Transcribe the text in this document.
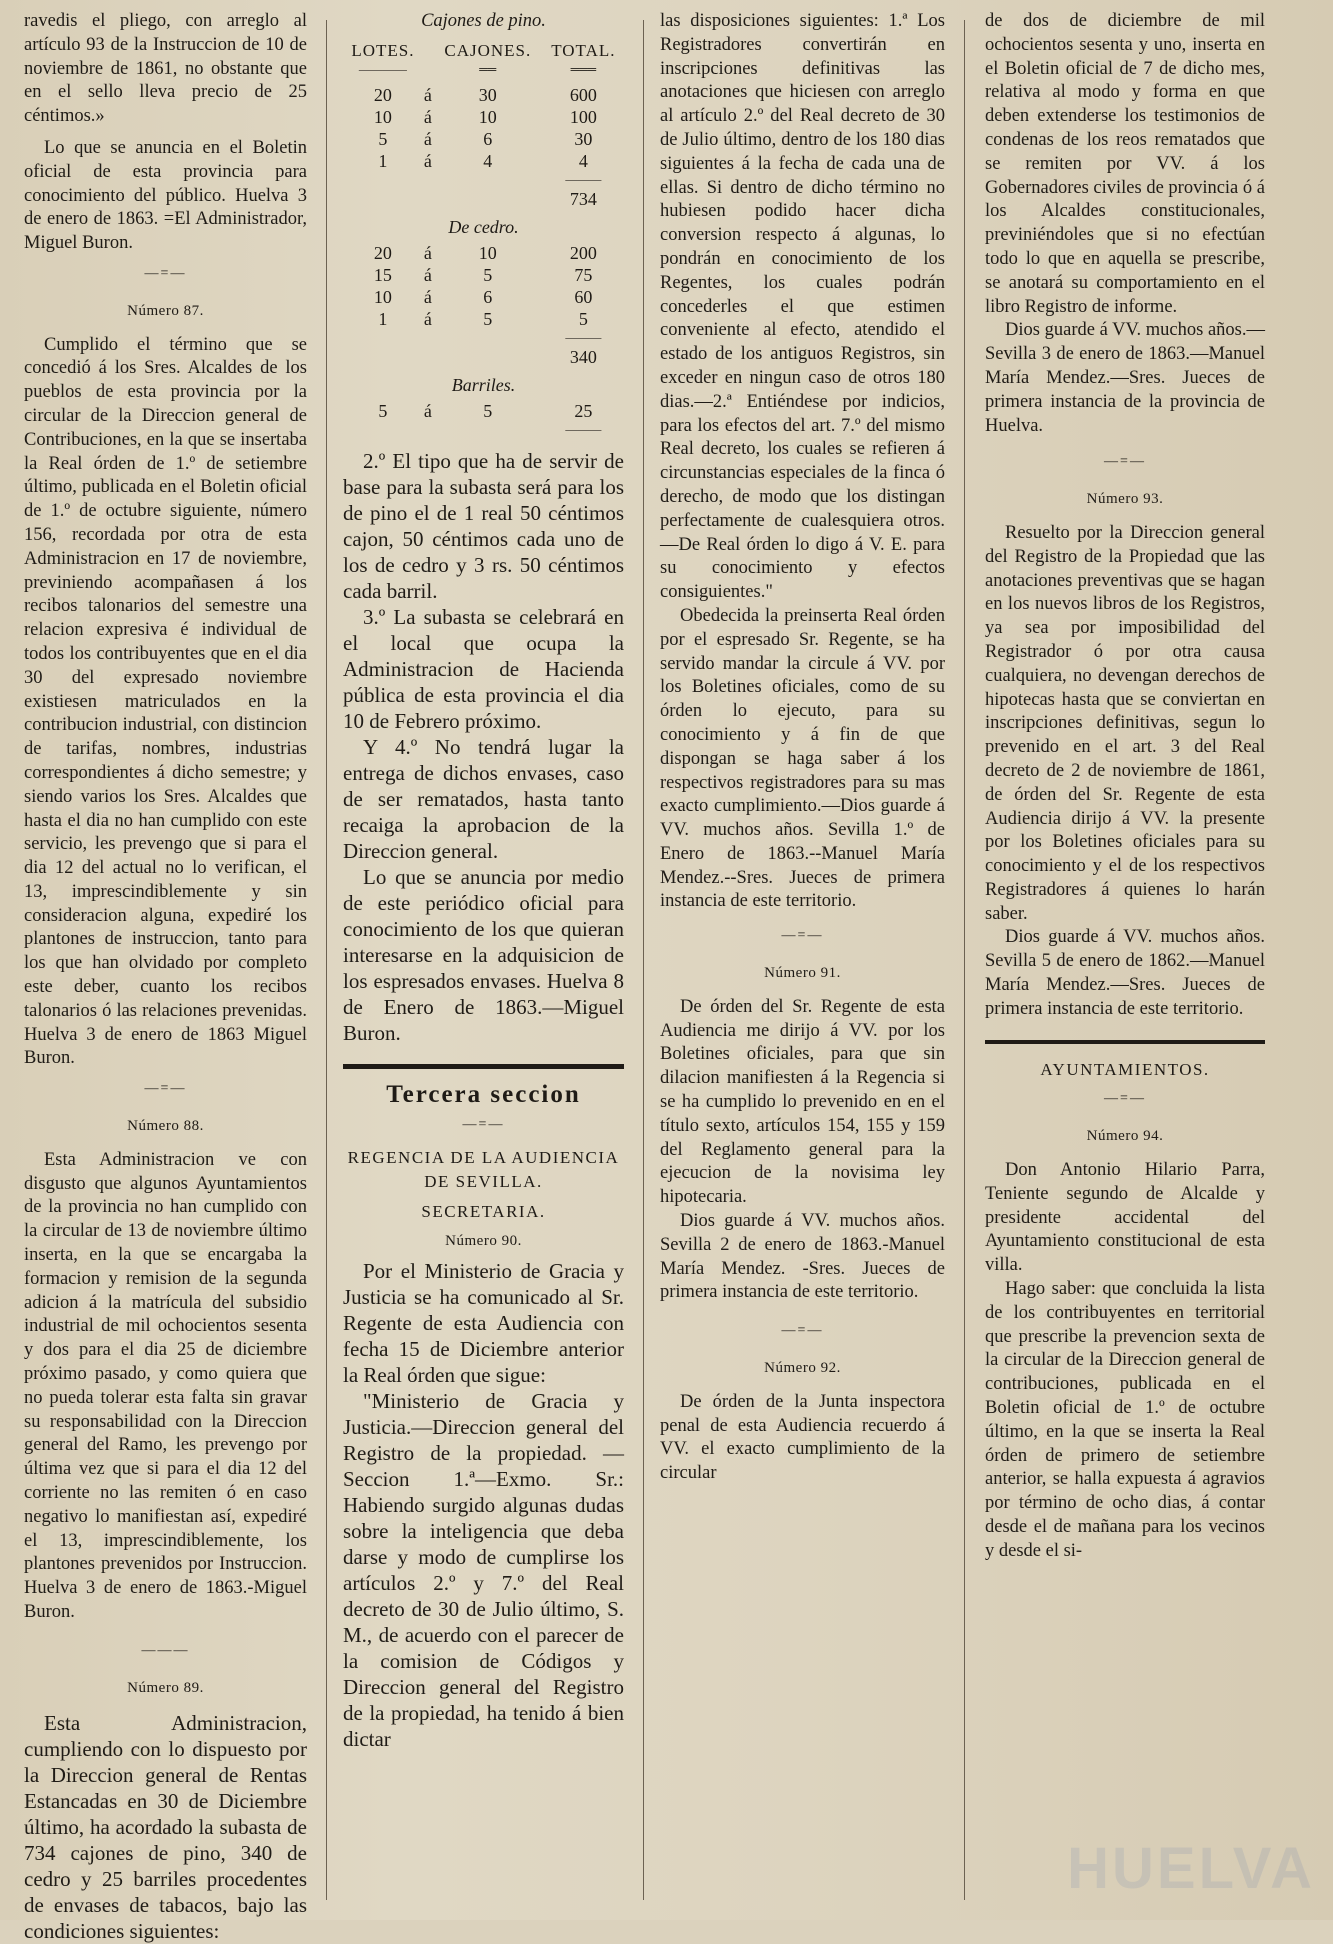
ravedis el pliego, con arreglo al artículo 93 de la Instruccion de 10 de noviembre de 1861, no obstante que en el sello lleva precio de 25 céntimos.»

Lo que se anuncia en el Boletin oficial de esta provincia para conocimiento del público. Huelva 3 de enero de 1863. =El Administrador, Miguel Buron.

—=—
Número 87.

Cumplido el término que se concedió á los Sres. Alcaldes de los pueblos de esta provincia por la circular de la Direccion general de Contribuciones, en la que se insertaba la Real órden de 1.º de setiembre último, publicada en el Boletin oficial de 1.º de octubre siguiente, número 156, recordada por otra de esta Administracion en 17 de noviembre, previniendo acompañasen á los recibos talonarios del semestre una relacion expresiva é individual de todos los contribuyentes que en el dia 30 del expresado noviembre existiesen matriculados en la contribucion industrial, con distincion de tarifas, nombres, industrias correspondientes á dicho semestre; y siendo varios los Sres. Alcaldes que hasta el dia no han cumplido con este servicio, les prevengo que si para el dia 12 del actual no lo verifican, el 13, imprescindiblemente y sin consideracion alguna, expediré los plantones de instruccion, tanto para los que han olvidado por completo este deber, cuanto los recibos talonarios ó las relaciones prevenidas. Huelva 3 de enero de 1863 Miguel Buron.

—=—
Número 88.

Esta Administracion ve con disgusto que algunos Ayuntamientos de la provincia no han cumplido con la circular de 13 de noviembre último inserta, en la que se encargaba la formacion y remision de la segunda adicion á la matrícula del subsidio industrial de mil ochocientos sesenta y dos para el dia 25 de diciembre próximo pasado, y como quiera que no pueda tolerar esta falta sin gravar su responsabilidad con la Direccion general del Ramo, les prevengo por última vez que si para el dia 12 del corriente no las remiten ó en caso negativo lo manifiestan así, expediré el 13, imprescindiblemente, los plantones prevenidos por Instruccion. Huelva 3 de enero de 1863.-Miguel Buron.

———
Número 89.

Esta Administracion, cumpliendo con lo dispuesto por la Direccion general de Rentas Estancadas en 30 de Diciembre último, ha acordado la subasta de 734 cajones de pino, 340 de cedro y 25 barriles procedentes de envases de tabacos, bajo las condiciones siguientes:

Cajones de pino.
LOTES.		CAJONES.	TOTAL.
————		══	═══

20	á	30	600
10	á	10	100
5	á	6	30
1	á	4	4
			———
			734
De cedro.			
20	á	10	200
15	á	5	75
10	á	6	60
1	á	5	5
			———
			340
Barriles.			
5	á	5	25
			———

2.º El tipo que ha de servir de base para la subasta será para los de pino el de 1 real 50 céntimos cajon, 50 céntimos cada uno de los de cedro y 3 rs. 50 céntimos cada barril.

3.º La subasta se celebrará en el local que ocupa la Administracion de Hacienda pública de esta provincia el dia 10 de Febrero próximo.

Y 4.º No tendrá lugar la entrega de dichos envases, caso de ser rematados, hasta tanto recaiga la aprobacion de la Direccion general.

Lo que se anuncia por medio de este periódico oficial para conocimiento de los que quieran interesarse en la adquisicion de los espresados envases. Huelva 8 de Enero de 1863.—Miguel Buron.

Tercera seccion
—=—
REGENCIA DE LA AUDIENCIA DE SEVILLA.
SECRETARIA.
Número 90.

Por el Ministerio de Gracia y Justicia se ha comunicado al Sr. Regente de esta Audiencia con fecha 15 de Diciembre anterior la Real órden que sigue:

"Ministerio de Gracia y Justicia.—Direccion general del Registro de la propiedad. —Seccion 1.ª—Exmo. Sr.: Habiendo surgido algunas dudas sobre la inteligencia que deba darse y modo de cumplirse los artículos 2.º y 7.º del Real decreto de 30 de Julio último, S. M., de acuerdo con el parecer de la comision de Códigos y Direccion general del Registro de la propiedad, ha tenido á bien dictar

las disposiciones siguientes: 1.ª Los Registradores convertirán en inscripciones definitivas las anotaciones que hiciesen con arreglo al artículo 2.º del Real decreto de 30 de Julio último, dentro de los 180 dias siguientes á la fecha de cada una de ellas. Si dentro de dicho término no hubiesen podido hacer dicha conversion respecto á algunas, lo pondrán en conocimiento de los Regentes, los cuales podrán concederles el que estimen conveniente al efecto, atendido el estado de los antiguos Registros, sin exceder en ningun caso de otros 180 dias.—2.ª Entiéndese por indicios, para los efectos del art. 7.º del mismo Real decreto, los cuales se refieren á circunstancias especiales de la finca ó derecho, de modo que los distingan perfectamente de cualesquiera otros.—De Real órden lo digo á V. E. para su conocimiento y efectos consiguientes."

Obedecida la preinserta Real órden por el espresado Sr. Regente, se ha servido mandar la circule á VV. por los Boletines oficiales, como de su órden lo ejecuto, para su conocimiento y á fin de que dispongan se haga saber á los respectivos registradores para su mas exacto cumplimiento.—Dios guarde á VV. muchos años. Sevilla 1.º de Enero de 1863.--Manuel María Mendez.--Sres. Jueces de primera instancia de este territorio.

—=—
Número 91.

De órden del Sr. Regente de esta Audiencia me dirijo á VV. por los Boletines oficiales, para que sin dilacion manifiesten á la Regencia si se ha cumplido lo prevenido en en el título sexto, artículos 154, 155 y 159 del Reglamento general para la ejecucion de la novisima ley hipotecaria.

Dios guarde á VV. muchos años. Sevilla 2 de enero de 1863.-Manuel María Mendez. -Sres. Jueces de primera instancia de este territorio.

—=—
Número 92.

De órden de la Junta inspectora penal de esta Audiencia recuerdo á VV. el exacto cumplimiento de la circular

de dos de diciembre de mil ochocientos sesenta y uno, inserta en el Boletin oficial de 7 de dicho mes, relativa al modo y forma en que deben extenderse los testimonios de condenas de los reos rematados que se remiten por VV. á los Gobernadores civiles de provincia ó á los Alcaldes constitucionales, previniéndoles que si no efectúan todo lo que en aquella se prescribe, se anotará su comportamiento en el libro Registro de informe.

Dios guarde á VV. muchos años.—Sevilla 3 de enero de 1863.—Manuel María Mendez.—Sres. Jueces de primera instancia de la provincia de Huelva.

—=—
Número 93.

Resuelto por la Direccion general del Registro de la Propiedad que las anotaciones preventivas que se hagan en los nuevos libros de los Registros, ya sea por imposibilidad del Registrador ó por otra causa cualquiera, no devengan derechos de hipotecas hasta que se conviertan en inscripciones definitivas, segun lo prevenido en el art. 3 del Real decreto de 2 de noviembre de 1861, de órden del Sr. Regente de esta Audiencia dirijo á VV. la presente por los Boletines oficiales para su conocimiento y el de los respectivos Registradores á quienes lo harán saber.

Dios guarde á VV. muchos años. Sevilla 5 de enero de 1862.—Manuel María Mendez.—Sres. Jueces de primera instancia de este territorio.

AYUNTAMIENTOS.
—=—
Número 94.

Don Antonio Hilario Parra, Teniente segundo de Alcalde y presidente accidental del Ayuntamiento constitucional de esta villa.

Hago saber: que concluida la lista de los contribuyentes en territorial que prescribe la prevencion sexta de la circular de la Direccion general de contribuciones, publicada en el Boletin oficial de 1.º de octubre último, en la que se inserta la Real órden de primero de setiembre anterior, se halla expuesta á agravios por término de ocho dias, á contar desde el de mañana para los vecinos y desde el si-

HUELVA
